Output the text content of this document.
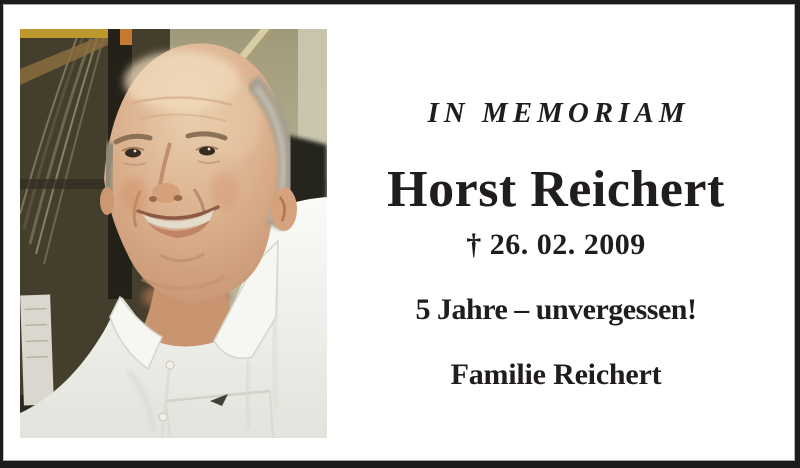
IN MEMORIAM
Horst Reichert
† 26. 02. 2009
5 Jahre – unvergessen!
Familie Reichert
